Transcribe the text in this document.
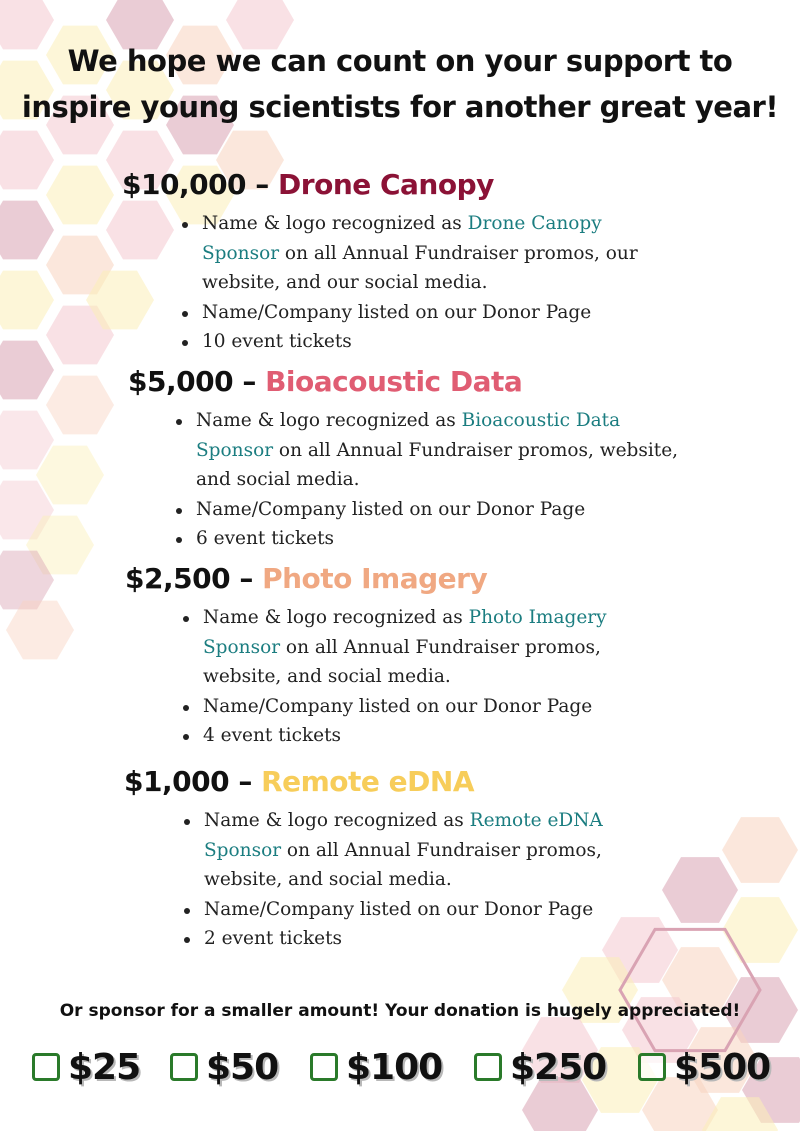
We hope we can count on your support to
inspire young scientists for another great year!
$10,000 – Drone Canopy
Name & logo recognized as Drone Canopy Sponsor on all Annual Fundraiser promos, our website, and our social media.
Name/Company listed on our Donor Page
10 event tickets
$5,000 – Bioacoustic Data
Name & logo recognized as Bioacoustic Data Sponsor on all Annual Fundraiser promos, website, and social media.
Name/Company listed on our Donor Page
6 event tickets
$2,500 – Photo Imagery
Name & logo recognized as Photo Imagery Sponsor on all Annual Fundraiser promos, website, and social media.
Name/Company listed on our Donor Page
4 event tickets
$1,000 – Remote eDNA
Name & logo recognized as Remote eDNA Sponsor on all Annual Fundraiser promos, website, and social media.
Name/Company listed on our Donor Page
2 event tickets
Or sponsor for a smaller amount! Your donation is hugely appreciated!
$25 $50 $100 $250 $500
